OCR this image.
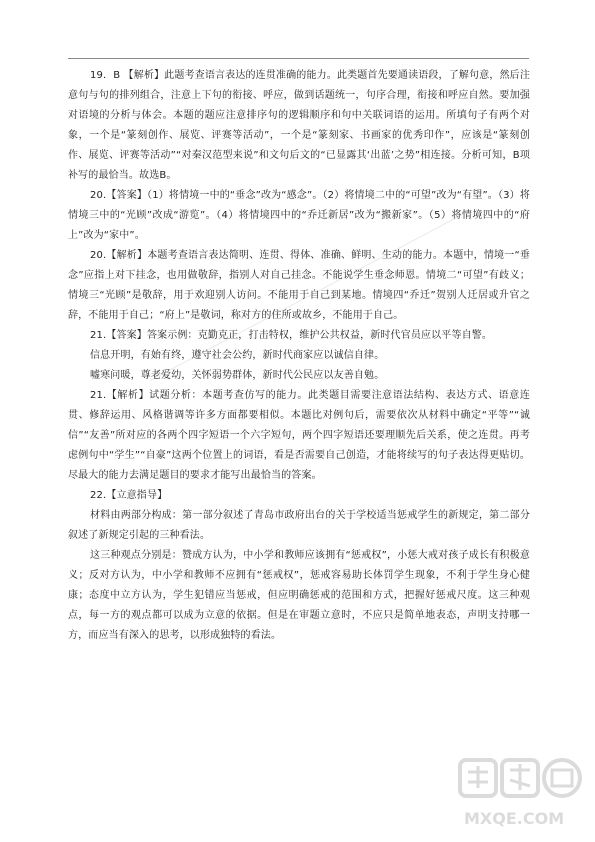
19．B 【解析】此题考查语言表达的连贯准确的能力。此类题首先要通读语段，了解句意，然后注意句与句的排列组合，注意上下句的衔接、呼应，做到话题统一，句序合理，衔接和呼应自然。要加强对语境的分析与体会。本题的题应注意排序句的逻辑顺序和句中关联词语的运用。所填句子有两个对象，一个是“篆刻创作、展览、评赛等活动”，一个是“篆刻家、书画家的优秀印作”，应该是“篆刻创作、展览、评赛等活动”“对秦汉范型来说”和文句后文的“已显露其‘出蓝’之势”相连接。分析可知，B项补写的最恰当。故选B。

20.【答案】（1）将情境一中的“垂念”改为“感念”。（2）将情境二中的“可望”改为“有望”。（3）将情境三中的“光顾”改成“游览”。（4）将情境四中的“乔迁新居”改为“搬新家”。（5）将情境四中的“府上”改为“家中”。

20.【解析】本题考查语言表达简明、连贯、得体、准确、鲜明、生动的能力。本题中，情境一“垂念”应指上对下挂念，也用做敬辞，指别人对自己挂念。不能说学生垂念师恩。情境二“可望”有歧义；情境三“光顾”是敬辞，用于欢迎别人访问。不能用于自己到某地。情境四“乔迁”贺别人迁居或升官之辞，不能用于自己；“府上”是敬词，称对方的住所或故乡，不能用于自己。

21.【答案】答案示例：克勤克正，打击特权，维护公共权益，新时代官员应以平等自警。

信息开明，有始有终，遵守社会公约，新时代商家应以诚信自律。

嘘寒问暖，尊老爱幼，关怀弱势群体，新时代公民应以友善自勉。

21.【解析】试题分析：本题考查仿写的能力。此类题目需要注意语法结构、表达方式、语意连贯、修辞运用、风格谐调等许多方面都要相似。本题比对例句后，需要依次从材料中确定“平等”“诚信”“友善”所对应的各两个四字短语一个六字短句，两个四字短语还要理顺先后关系，使之连贯。再考虑例句中“学生”“自豪”这两个位置上的词语，看是否需要自己创造，才能将续写的句子表达得更贴切。尽最大的能力去满足题目的要求才能写出最恰当的答案。

22.【立意指导】

材料由两部分构成：第一部分叙述了青岛市政府出台的关于学校适当惩戒学生的新规定，第二部分叙述了新规定引起的三种看法。

这三种观点分别是：赞成方认为，中小学和教师应该拥有“惩戒权”，小惩大戒对孩子成长有积极意义；反对方认为，中小学和教师不应拥有“惩戒权”，惩戒容易助长体罚学生现象，不利于学生身心健康；态度中立方认为，学生犯错应当惩戒，但应明确惩戒的范围和方式，把握好惩戒尺度。这三种观点，每一方的观点都可以成为立意的依据。但是在审题立意时，不应只是简单地表态，声明支持哪一方，而应当有深入的思考，以形成独特的看法。

MXQE.COM
